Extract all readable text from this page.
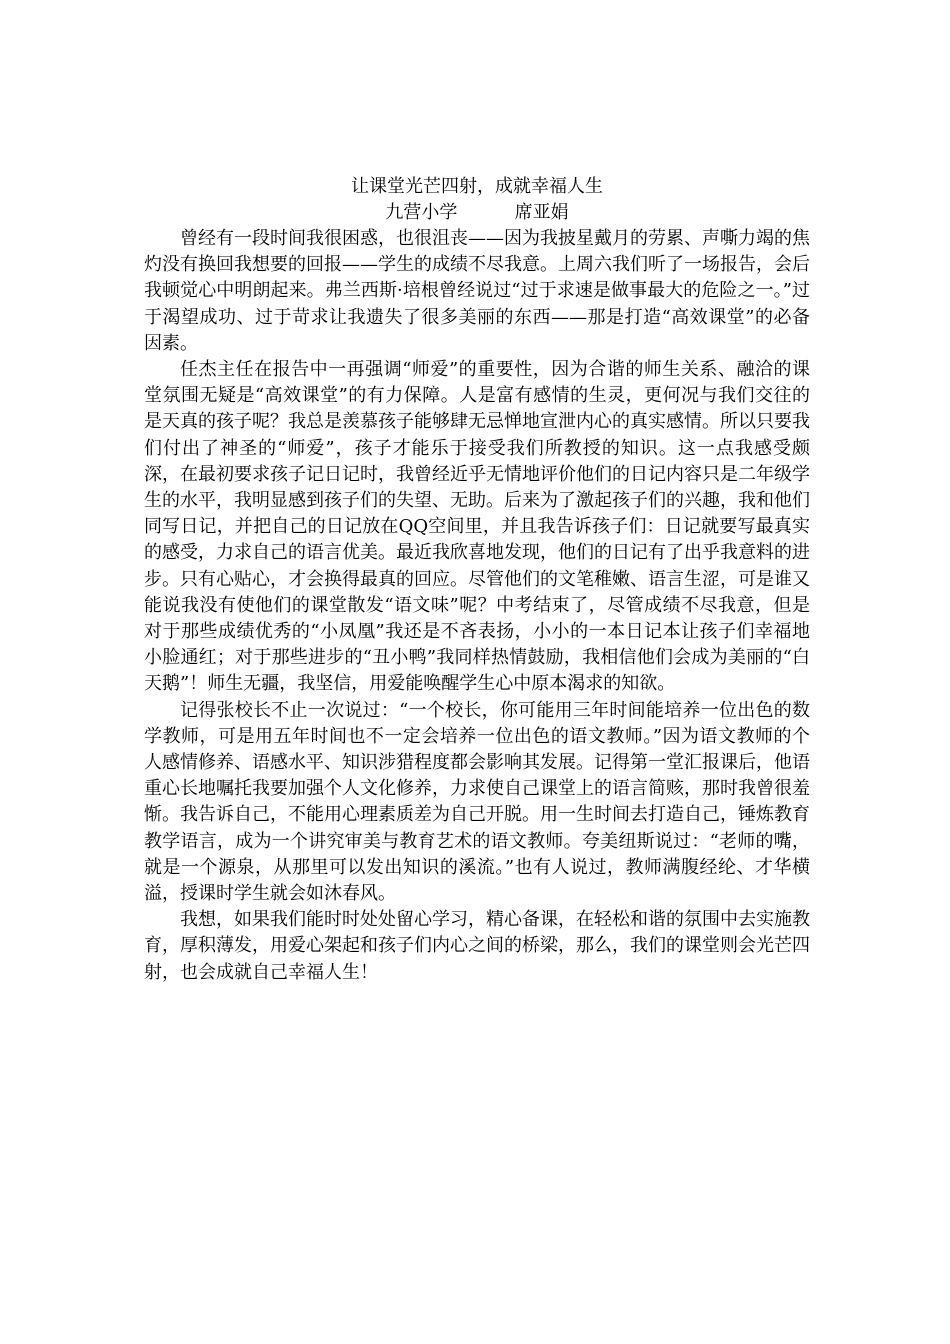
让课堂光芒四射，成就幸福人生

九营小学          席亚娟

曾经有一段时间我很困惑，也很沮丧——因为我披星戴月的劳累、声嘶力竭的焦灼没有换回我想要的回报——学生的成绩不尽我意。上周六我们听了一场报告，会后我顿觉心中明朗起来。弗兰西斯·培根曾经说过“过于求速是做事最大的危险之一。”过于渴望成功、过于苛求让我遗失了很多美丽的东西——那是打造“高效课堂”的必备因素。

任杰主任在报告中一再强调“师爱”的重要性，因为合谐的师生关系、融洽的课堂氛围无疑是“高效课堂”的有力保障。人是富有感情的生灵，更何况与我们交往的是天真的孩子呢？我总是羡慕孩子能够肆无忌惮地宣泄内心的真实感情。所以只要我们付出了神圣的“师爱”，孩子才能乐于接受我们所教授的知识。这一点我感受颇深，在最初要求孩子记日记时，我曾经近乎无情地评价他们的日记内容只是二年级学生的水平，我明显感到孩子们的失望、无助。后来为了激起孩子们的兴趣，我和他们同写日记，并把自己的日记放在QQ空间里，并且我告诉孩子们：日记就要写最真实的感受，力求自己的语言优美。最近我欣喜地发现，他们的日记有了出乎我意料的进步。只有心贴心，才会换得最真的回应。尽管他们的文笔稚嫩、语言生涩，可是谁又能说我没有使他们的课堂散发“语文味”呢？中考结束了，尽管成绩不尽我意，但是对于那些成绩优秀的“小凤凰”我还是不吝表扬，小小的一本日记本让孩子们幸福地小脸通红；对于那些进步的“丑小鸭”我同样热情鼓励，我相信他们会成为美丽的“白天鹅”！师生无疆，我坚信，用爱能唤醒学生心中原本渴求的知欲。

记得张校长不止一次说过：“一个校长，你可能用三年时间能培养一位出色的数学教师，可是用五年时间也不一定会培养一位出色的语文教师。”因为语文教师的个人感情修养、语感水平、知识涉猎程度都会影响其发展。记得第一堂汇报课后，他语重心长地嘱托我要加强个人文化修养，力求使自己课堂上的语言简赅，那时我曾很羞惭。我告诉自己，不能用心理素质差为自己开脱。用一生时间去打造自己，锤炼教育教学语言，成为一个讲究审美与教育艺术的语文教师。夸美纽斯说过：“老师的嘴，就是一个源泉，从那里可以发出知识的溪流。”也有人说过，教师满腹经纶、才华横溢，授课时学生就会如沐春风。

我想，如果我们能时时处处留心学习，精心备课，在轻松和谐的氛围中去实施教育，厚积薄发，用爱心架起和孩子们内心之间的桥梁，那么，我们的课堂则会光芒四射，也会成就自己幸福人生！
